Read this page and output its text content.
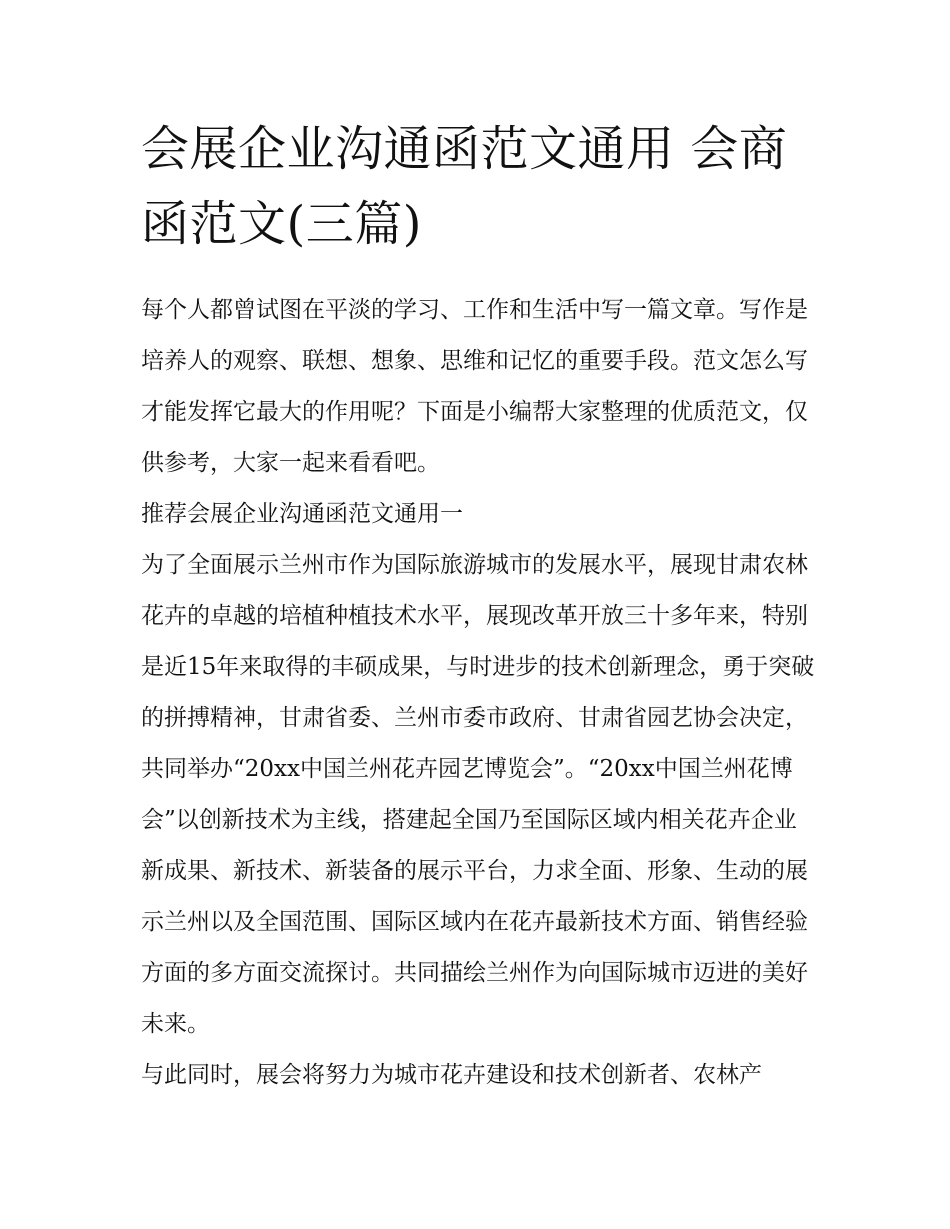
会展企业沟通函范文通用 会商函范文(三篇)

每个人都曾试图在平淡的学习、工作和生活中写一篇文章。写作是培养人的观察、联想、想象、思维和记忆的重要手段。范文怎么写才能发挥它最大的作用呢？下面是小编帮大家整理的优质范文，仅供参考，大家一起来看看吧。

推荐会展企业沟通函范文通用一

为了全面展示兰州市作为国际旅游城市的发展水平，展现甘肃农林花卉的卓越的培植种植技术水平，展现改革开放三十多年来，特别是近15年来取得的丰硕成果，与时进步的技术创新理念，勇于突破的拼搏精神，甘肃省委、兰州市委市政府、甘肃省园艺协会决定，共同举办“20xx中国兰州花卉园艺博览会”。“20xx中国兰州花博会”以创新技术为主线，搭建起全国乃至国际区域内相关花卉企业新成果、新技术、新装备的展示平台，力求全面、形象、生动的展示兰州以及全国范围、国际区域内在花卉最新技术方面、销售经验方面的多方面交流探讨。共同描绘兰州作为向国际城市迈进的美好未来。

与此同时，展会将努力为城市花卉建设和技术创新者、农林产
